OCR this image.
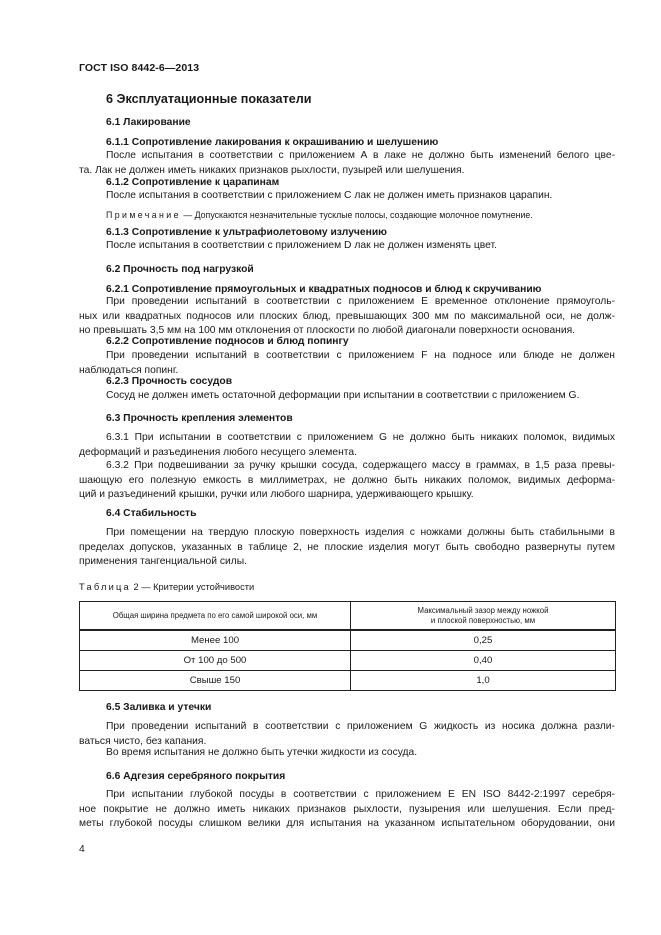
ГОСТ ISO 8442-6—2013
6 Эксплуатационные показатели
6.1 Лакирование
6.1.1 Сопротивление лакирования к окрашиванию и шелушению
После испытания в соответствии с приложением А в лаке не должно быть изменений белого цве-
та. Лак не должен иметь никаких признаков рыхлости, пузырей или шелушения.
6.1.2 Сопротивление к царапинам
После испытания в соответствии с приложением С лак не должен иметь признаков царапин.
Примечание — Допускаются незначительные тусклые полосы, создающие молочное помутнение.
6.1.3 Сопротивление к ультрафиолетовому излучению
После испытания в соответствии с приложением D лак не должен изменять цвет.
6.2 Прочность под нагрузкой
6.2.1 Сопротивление прямоугольных и квадратных подносов и блюд к скручиванию
При проведении испытаний в соответствии с приложением Е временное отклонение прямоуголь-
ных или квадратных подносов или плоских блюд, превышающих 300 мм по максимальной оси, не долж-
но превышать 3,5 мм на 100 мм отклонения от плоскости по любой диагонали поверхности основания.
6.2.2 Сопротивление подносов и блюд попингу
При проведении испытаний в соответствии с приложением F на подносе или блюде не должен
наблюдаться попинг.
6.2.3 Прочность сосудов
Сосуд не должен иметь остаточной деформации при испытании в соответствии с приложением G.
6.3 Прочность крепления элементов
6.3.1 При испытании в соответствии с приложением G не должно быть никаких поломок, видимых
деформаций и разъединения любого несущего элемента.
6.3.2 При подвешивании за ручку крышки сосуда, содержащего массу в граммах, в 1,5 раза превы-
шающую его полезную емкость в миллиметрах, не должно быть никаких поломок, видимых деформа-
ций и разъединений крышки, ручки или любого шарнира, удерживающего крышку.
6.4 Стабильность
При помещении на твердую плоскую поверхность изделия с ножками должны быть стабильными в
пределах допусков, указанных в таблице 2, не плоские изделия могут быть свободно развернуты путем
применения тангенциальной силы.
Таблица 2 — Критерии устойчивости
Общая ширина предмета по его самой широкой оси, мм	Максимальный зазор между ножкой
и плоской поверхностью, мм
Менее 100	0,25
От 100 до 500	0,40
Свыше 150	1,0
6.5 Заливка и утечки
При проведении испытаний в соответствии с приложением G жидкость из носика должна разли-
ваться чисто, без капания.
Во время испытания не должно быть утечки жидкости из сосуда.
6.6 Адгезия серебряного покрытия
При испытании глубокой посуды в соответствии с приложением Е EN ISO 8442-2:1997 серебря-
ное покрытие не должно иметь никаких признаков рыхлости, пузырения или шелушения. Если пред-
меты глубокой посуды слишком велики для испытания на указанном испытательном оборудовании, они
4
